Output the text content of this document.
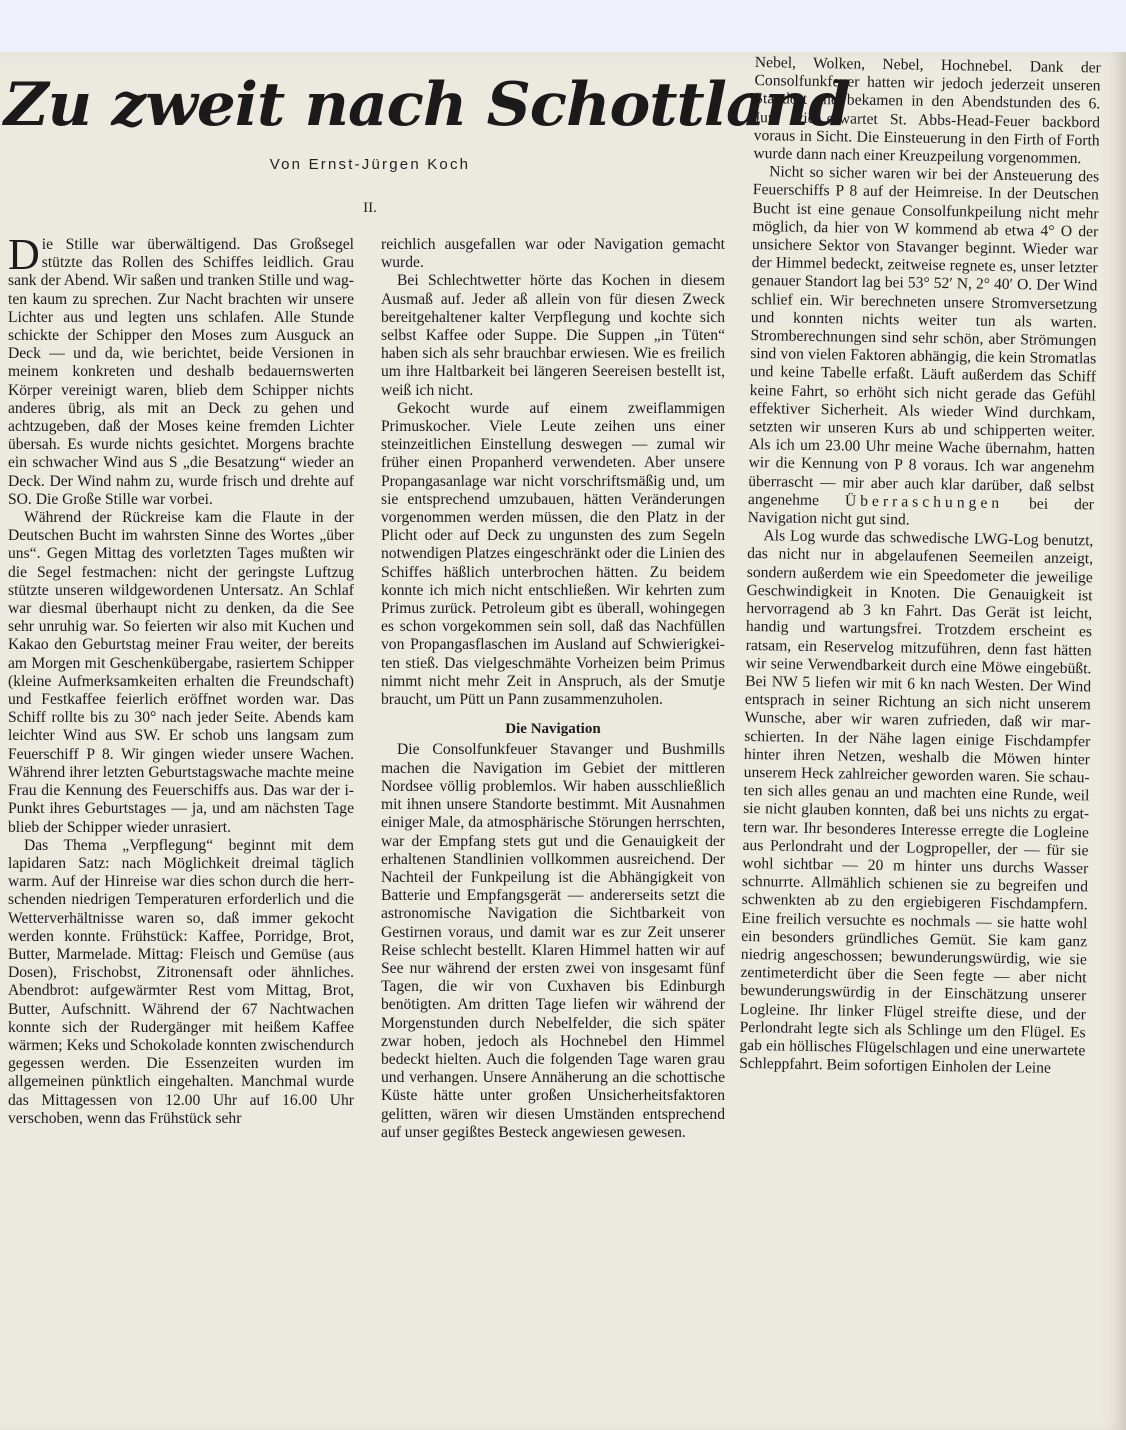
Zu zweit nach Schottland
Von Ernst-Jürgen Koch
II.

Die Stille war überwältigend. Das Großsegel stützte das Rollen des Schiffes leidlich. Grau sank der Abend. Wir saßen und tranken Stille und wagten kaum zu sprechen. Zur Nacht brachten wir unsere Lichter aus und legten uns schlafen. Alle Stunde schickte der Schipper den Moses zum Ausguck an Deck — und da, wie berichtet, beide Versionen in meinem konkreten und deshalb bedauernswerten Körper vereinigt waren, blieb dem Schipper nichts anderes übrig, als mit an Deck zu gehen und achtzugeben, daß der Moses keine fremden Lichter übersah. Es wurde nichts gesichtet. Morgens brachte ein schwacher Wind aus S „die Besatzung“ wieder an Deck. Der Wind nahm zu, wurde frisch und drehte auf SO. Die Große Stille war vorbei.

Während der Rückreise kam die Flaute in der Deutschen Bucht im wahrsten Sinne des Wortes „über uns“. Gegen Mittag des vorletzten Tages mußten wir die Segel festmachen: nicht der geringste Luftzug stützte unseren wildgewordenen Untersatz. An Schlaf war diesmal überhaupt nicht zu denken, da die See sehr unruhig war. So feierten wir also mit Kuchen und Kakao den Geburtstag meiner Frau weiter, der bereits am Morgen mit Geschenkübergabe, rasiertem Schipper (kleine Aufmerksamkeiten erhalten die Freundschaft) und Festkaffee feierlich eröffnet worden war. Das Schiff rollte bis zu 30° nach jeder Seite. Abends kam leichter Wind aus SW. Er schob uns langsam zum Feuerschiff P 8. Wir gingen wieder unsere Wachen. Während ihrer letzten Geburtstagswache machte meine Frau die Kennung des Feuerschiffs aus. Das war der i-Punkt ihres Geburtstages — ja, und am nächsten Tage blieb der Schipper wieder unrasiert.

Das Thema „Verpflegung“ beginnt mit dem lapidaren Satz: nach Möglichkeit dreimal täglich warm. Auf der Hinreise war dies schon durch die herrschenden niedrigen Temperaturen erforderlich und die Wetterverhältnisse waren so, daß immer gekocht werden konnte. Frühstück: Kaffee, Porridge, Brot, Butter, Marmelade. Mittag: Fleisch und Gemüse (aus Dosen), Frischobst, Zitronensaft oder ähnliches. Abendbrot: aufgewärmter Rest vom Mittag, Brot, Butter, Aufschnitt. Während der 67 Nachtwachen konnte sich der Rudergänger mit heißem Kaffee wärmen; Keks und Schokolade konnten zwischendurch gegessen werden. Die Essenzeiten wurden im allgemeinen pünktlich eingehalten. Manchmal wurde das Mittagessen von 12.00 Uhr auf 16.00 Uhr verschoben, wenn das Frühstück sehr

reichlich ausgefallen war oder Navigation gemacht wurde.

Bei Schlechtwetter hörte das Kochen in diesem Ausmaß auf. Jeder aß allein von für diesen Zweck bereitgehaltener kalter Verpflegung und kochte sich selbst Kaffee oder Suppe. Die Suppen „in Tüten“ haben sich als sehr brauchbar erwiesen. Wie es freilich um ihre Haltbarkeit bei längeren Seereisen bestellt ist, weiß ich nicht.

Gekocht wurde auf einem zweiflammigen Primuskocher. Viele Leute zeihen uns einer steinzeitlichen Einstellung deswegen — zumal wir früher einen Propanherd verwendeten. Aber unsere Propangasanlage war nicht vorschriftsmäßig und, um sie entsprechend umzubauen, hätten Veränderungen vorgenommen werden müssen, die den Platz in der Plicht oder auf Deck zu ungunsten des zum Segeln notwendigen Platzes eingeschränkt oder die Linien des Schiffes häßlich unterbrochen hätten. Zu beidem konnte ich mich nicht entschließen. Wir kehrten zum Primus zurück. Petroleum gibt es überall, wohingegen es schon vorgekommen sein soll, daß das Nachfüllen von Propangasflaschen im Ausland auf Schwierigkeiten stieß. Das vielgeschmähte Vorheizen beim Primus nimmt nicht mehr Zeit in Anspruch, als der Smutje braucht, um Pütt un Pann zusammenzuholen.

Die Navigation

Die Consolfunkfeuer Stavanger und Bushmills machen die Navigation im Gebiet der mittleren Nordsee völlig problemlos. Wir haben ausschließlich mit ihnen unsere Standorte bestimmt. Mit Ausnahmen einiger Male, da atmosphärische Störungen herrschten, war der Empfang stets gut und die Genauigkeit der erhaltenen Standlinien vollkommen ausreichend. Der Nachteil der Funkpeilung ist die Abhängigkeit von Batterie und Empfangsgerät — andererseits setzt die astronomische Navigation die Sichtbarkeit von Gestirnen voraus, und damit war es zur Zeit unserer Reise schlecht bestellt. Klaren Himmel hatten wir auf See nur während der ersten zwei von insgesamt fünf Tagen, die wir von Cuxhaven bis Edinburgh benötigten. Am dritten Tage liefen wir während der Morgenstunden durch Nebelfelder, die sich später zwar hoben, jedoch als Hochnebel den Himmel bedeckt hielten. Auch die folgenden Tage waren grau und verhangen. Unsere Annäherung an die schottische Küste hätte unter großen Unsicherheitsfaktoren gelitten, wären wir diesen Umständen entsprechend auf unser gegißtes Besteck angewiesen gewesen.

Nebel, Wolken, Nebel, Hochnebel. Dank der Consolfunkfeuer hatten wir jedoch jederzeit unseren Standort und bekamen in den Abendstunden des 6. Juni wie erwartet St. Abbs-Head-Feuer backbord voraus in Sicht. Die Einsteuerung in den Firth of Forth wurde dann nach einer Kreuzpeilung vorgenommen.

Nicht so sicher waren wir bei der Ansteuerung des Feuerschiffs P 8 auf der Heimreise. In der Deutschen Bucht ist eine genaue Consolfunkpeilung nicht mehr möglich, da hier von W kommend ab etwa 4° O der unsichere Sektor von Stavanger beginnt. Wieder war der Himmel bedeckt, zeitweise regnete es, unser letzter genauer Standort lag bei 53° 52′ N, 2° 40′ O. Der Wind schlief ein. Wir berechneten unsere Stromversetzung und konnten nichts weiter tun als warten. Stromberechnungen sind sehr schön, aber Strömungen sind von vielen Faktoren abhängig, die kein Stromatlas und keine Tabelle erfaßt. Läuft außerdem das Schiff keine Fahrt, so erhöht sich nicht gerade das Gefühl effektiver Sicherheit. Als wieder Wind durchkam, setzten wir unseren Kurs ab und schipperten weiter. Als ich um 23.00 Uhr meine Wache übernahm, hatten wir die Kennung von P 8 voraus. Ich war angenehm überrascht — mir aber auch klar darüber, daß selbst angenehme Überraschungen bei der Navigation nicht gut sind.

Als Log wurde das schwedische LWG-Log benutzt, das nicht nur in abgelaufenen Seemeilen anzeigt, sondern außerdem wie ein Speedometer die jeweilige Geschwindigkeit in Knoten. Die Genauigkeit ist hervorragend ab 3 kn Fahrt. Das Gerät ist leicht, handig und wartungsfrei. Trotzdem erscheint es ratsam, ein Reservelog mitzuführen, denn fast hätten wir seine Verwendbarkeit durch eine Möwe eingebüßt. Bei NW 5 liefen wir mit 6 kn nach Westen. Der Wind entsprach in seiner Richtung an sich nicht unserem Wunsche, aber wir waren zufrieden, daß wir marschierten. In der Nähe lagen einige Fischdampfer hinter ihren Netzen, weshalb die Möwen hinter unserem Heck zahlreicher geworden waren. Sie schauten sich alles genau an und machten eine Runde, weil sie nicht glauben konnten, daß bei uns nichts zu ergattern war. Ihr besonderes Interesse erregte die Logleine aus Perlondraht und der Logpropeller, der — für sie wohl sichtbar — 20 m hinter uns durchs Wasser schnurrte. Allmählich schienen sie zu begreifen und schwenkten ab zu den ergiebigeren Fischdampfern. Eine freilich versuchte es nochmals — sie hatte wohl ein besonders gründliches Gemüt. Sie kam ganz niedrig angeschossen; bewunderungswürdig, wie sie zentimeterdicht über die Seen fegte — aber nicht bewunderungswürdig in der Einschätzung unserer Logleine. Ihr linker Flügel streifte diese, und der Perlondraht legte sich als Schlinge um den Flügel. Es gab ein höllisches Flügelschlagen und eine unerwartete Schleppfahrt. Beim sofortigen Einholen der Leine
